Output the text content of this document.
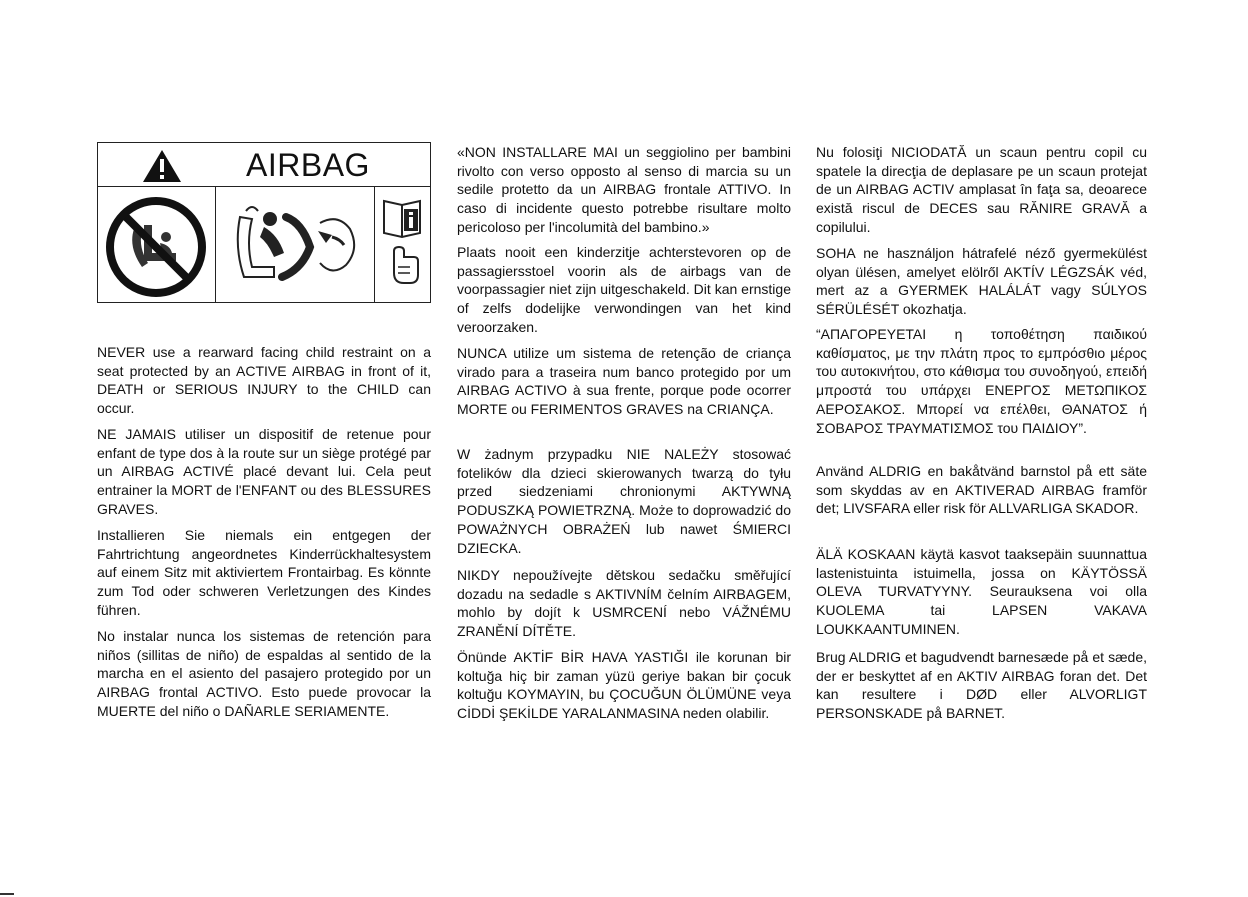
AIRBAG

NEVER use a rearward facing child restraint on a seat protected by an ACTIVE AIRBAG in front of it, DEATH or SERIOUS INJURY to the CHILD can occur.

NE JAMAIS utiliser un dispositif de retenue pour enfant de type dos à la route sur un siège protégé par un AIRBAG ACTIVÉ placé devant lui. Cela peut entrainer la MORT de l'ENFANT ou des BLESSURES GRAVES.

Installieren Sie niemals ein entgegen der Fahrtrichtung angeordnetes Kinderrückhaltesystem auf einem Sitz mit aktiviertem Frontairbag. Es könnte zum Tod oder schweren Verletzungen des Kindes führen.

No instalar nunca los sistemas de retención para niños (sillitas de niño) de espaldas al sentido de la marcha en el asiento del pasajero protegido por un AIRBAG frontal ACTIVO. Esto puede provocar la MUERTE del niño o DAÑARLE SERIAMENTE.

«NON INSTALLARE MAI un seggiolino per bambini rivolto con verso opposto al senso di marcia su un sedile protetto da un AIRBAG frontale ATTIVO. In caso di incidente questo potrebbe risultare molto pericoloso per l'incolumità del bambino.»

Plaats nooit een kinderzitje achterstevoren op de passagiersstoel voorin als de airbags van de voorpassagier niet zijn uitgeschakeld. Dit kan ernstige of zelfs dodelijke verwondingen van het kind veroorzaken.

NUNCA utilize um sistema de retenção de criança virado para a traseira num banco protegido por um AIRBAG ACTIVO à sua frente, porque pode ocorrer MORTE ou FERIMENTOS GRAVES na CRIANÇA.

W żadnym przypadku NIE NALEŻY stosować fotelików dla dzieci skierowanych twarzą do tyłu przed siedzeniami chronionymi AKTYWNĄ PODUSZKĄ POWIETRZNĄ. Może to doprowadzić do POWAŻNYCH OBRAŻEŃ lub nawet ŚMIERCI DZIECKA.

NIKDY nepoužívejte dětskou sedačku směřující dozadu na sedadle s AKTIVNÍM čelním AIRBAGEM, mohlo by dojít k USMRCENÍ nebo VÁŽNÉMU ZRANĚNÍ DÍTĚTE.

Önünde AKTİF BİR HAVA YASTIĞI ile korunan bir koltuğa hiç bir zaman yüzü geriye bakan bir çocuk koltuğu KOYMAYIN, bu ÇOCUĞUN ÖLÜMÜNE veya CİDDİ ŞEKİLDE YARALANMASINA neden olabilir.

Nu folosiţi NICIODATĂ un scaun pentru copil cu spatele la direcţia de deplasare pe un scaun protejat de un AIRBAG ACTIV amplasat în faţa sa, deoarece există riscul de DECES sau RĂNIRE GRAVĂ a copilului.

SOHA ne használjon hátrafelé néző gyermekülést olyan ülésen, amelyet elölről AKTÍV LÉGZSÁK véd, mert az a GYERMEK HALÁLÁT vagy SÚLYOS SÉRÜLÉSÉT okozhatja.

“ΑΠΑΓΟΡΕΥΕΤΑΙ η τοποθέτηση παιδικού καθίσματος, με την πλάτη προς το εμπρόσθιο μέρος του αυτοκινήτου, στο κάθισμα του συνοδηγού, επειδή μπροστά του υπάρχει ΕΝΕΡΓΟΣ ΜΕΤΩΠΙΚΟΣ ΑΕΡΟΣΑΚΟΣ. Μπορεί να επέλθει, ΘΑΝΑΤΟΣ ή ΣΟΒΑΡΟΣ ΤΡΑΥΜΑΤΙΣΜΟΣ του ΠΑΙΔΙΟΥ”.

Använd ALDRIG en bakåtvänd barnstol på ett säte som skyddas av en AKTIVERAD AIRBAG framför det; LIVSFARA eller risk för ALLVARLIGA SKADOR.

ÄLÄ KOSKAAN käytä kasvot taaksepäin suunnattua lastenistuinta istuimella, jossa on KÄYTÖSSÄ OLEVA TURVATYYNY. Seurauksena voi olla KUOLEMA tai LAPSEN VAKAVA LOUKKAANTUMINEN.

Brug ALDRIG et bagudvendt barnesæde på et sæde, der er beskyttet af en AKTIV AIRBAG foran det. Det kan resultere i DØD eller ALVORLIGT PERSONSKADE på BARNET.
